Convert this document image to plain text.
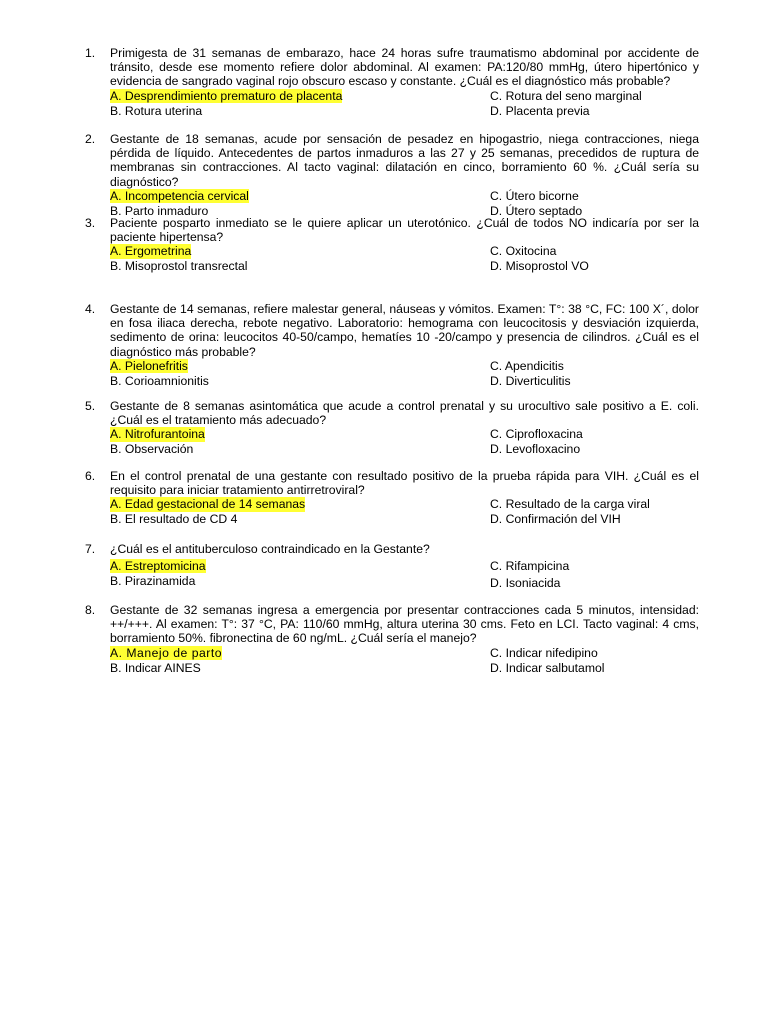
1.	Primigesta de 31 semanas de embarazo, hace 24 horas sufre traumatismo abdominal por accidente de tránsito, desde ese momento refiere dolor abdominal. Al examen: PA:120/80 mmHg, útero hipertónico y evidencia de sangrado vaginal rojo obscuro escaso y constante. ¿Cuál es el diagnóstico más probable?
A. Desprendimiento prematuro de placenta
B. Rotura uterina
C. Rotura del seno marginal
D. Placenta previa
2.	Gestante de 18 semanas, acude por sensación de pesadez en hipogastrio, niega contracciones, niega pérdida de líquido. Antecedentes de partos inmaduros a las 27 y 25 semanas, precedidos de ruptura de membranas sin contracciones. Al tacto vaginal: dilatación en cinco, borramiento 60 %. ¿Cuál sería su diagnóstico?
A. Incompetencia cervical
B. Parto inmaduro
C. Útero bicorne
D. Útero septado
3.	Paciente posparto inmediato se le quiere aplicar un uterotónico. ¿Cuál de todos NO indicaría por ser la paciente hipertensa?
A. Ergometrina
B. Misoprostol transrectal
C. Oxitocina
D. Misoprostol VO
4.	Gestante de 14 semanas, refiere malestar general, náuseas y vómitos. Examen: T°: 38 °C, FC: 100 X´, dolor en fosa iliaca derecha, rebote negativo. Laboratorio: hemograma con leucocitosis y desviación izquierda, sedimento de orina: leucocitos 40-50/campo, hematíes 10 -20/campo y presencia de cilindros. ¿Cuál es el diagnóstico más probable?
A. Pielonefritis
B. Corioamnionitis
C. Apendicitis
D. Diverticulitis
5.	Gestante de 8 semanas asintomática que acude a control prenatal y su urocultivo sale positivo a E. coli. ¿Cuál es el tratamiento más adecuado?
A. Nitrofurantoina
B. Observación
C. Ciprofloxacina
D. Levofloxacino
6.	En el control prenatal de una gestante con resultado positivo de la prueba rápida para VIH. ¿Cuál es el requisito para iniciar tratamiento antirretroviral?
A. Edad gestacional de 14 semanas
B. El resultado de CD 4
C. Resultado de la carga viral
D. Confirmación del VIH
7.	¿Cuál es el antituberculoso contraindicado en la Gestante?
A. Estreptomicina
B. Pirazinamida
C. Rifampicina
D. Isoniacida
8.	Gestante de 32 semanas ingresa a emergencia por presentar contracciones cada 5 minutos, intensidad: ++/+++. Al examen: T°: 37 °C, PA: 110/60 mmHg, altura uterina 30 cms. Feto en LCI. Tacto vaginal: 4 cms, borramiento 50%. fibronectina de 60 ng/mL. ¿Cuál sería el manejo?
A. Manejo de parto
B. Indicar AINES
C. Indicar nifedipino
D. Indicar salbutamol
